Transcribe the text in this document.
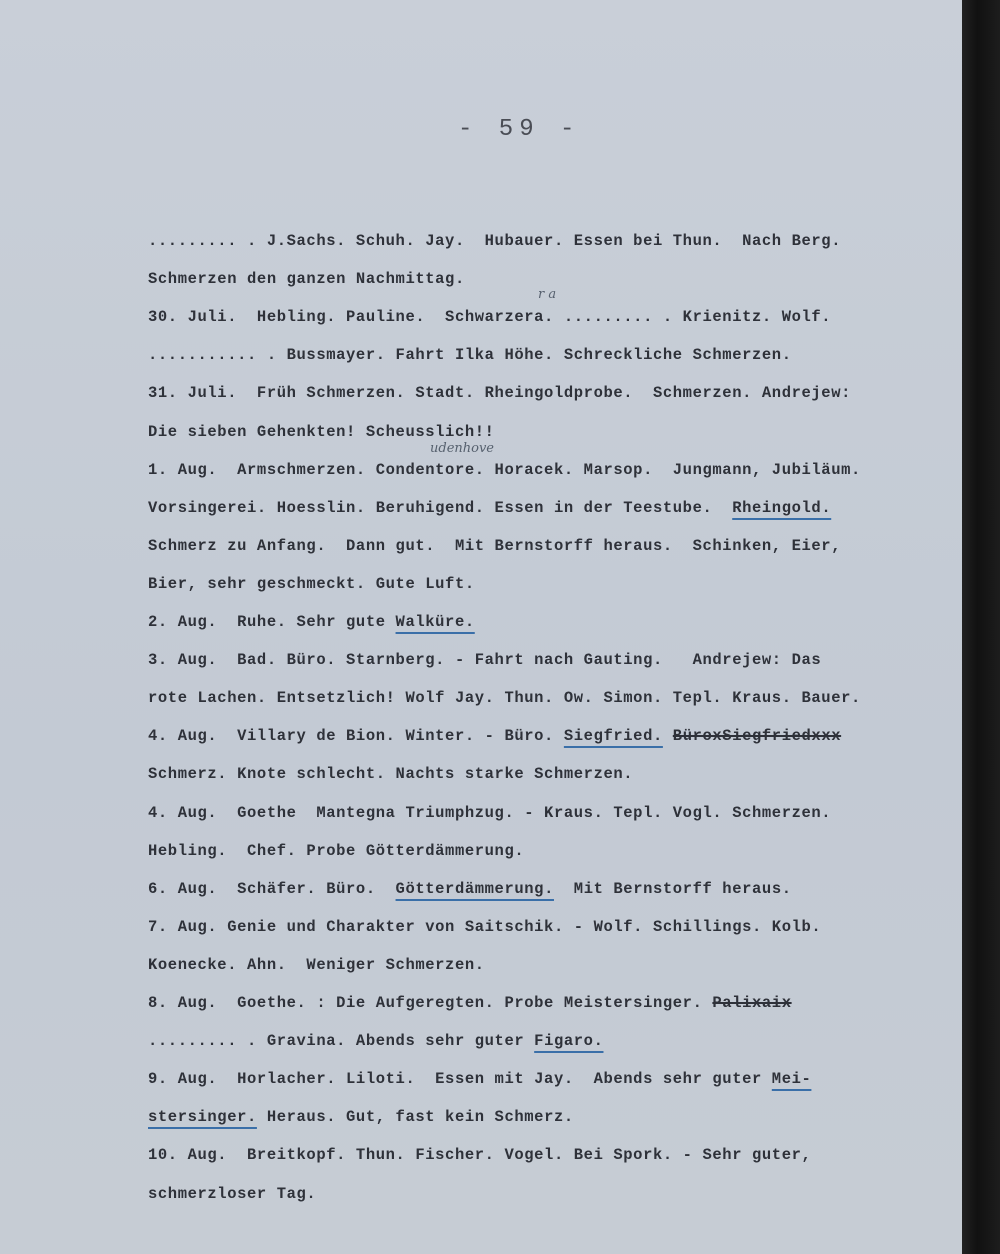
- 59 -
r a
udenhove
......... . J.Sachs. Schuh. Jay.  Hubauer. Essen bei Thun.  Nach Berg.
Schmerzen den ganzen Nachmittag.
30. Juli.  Hebling. Pauline.  Schwarzera. ......... . Krienitz. Wolf.
........... . Bussmayer. Fahrt Ilka Höhe. Schreckliche Schmerzen.
31. Juli.  Früh Schmerzen. Stadt. Rheingoldprobe.  Schmerzen. Andrejew:
Die sieben Gehenkten! Scheusslich!!
1. Aug.  Armschmerzen. Condentore. Horacek. Marsop.  Jungmann, Jubiläum.
Vorsingerei. Hoesslin. Beruhigend. Essen in der Teestube.  Rheingold.
Schmerz zu Anfang.  Dann gut.  Mit Bernstorff heraus.  Schinken, Eier,
Bier, sehr geschmeckt. Gute Luft.
2. Aug.  Ruhe. Sehr gute Walküre.
3. Aug.  Bad. Büro. Starnberg. - Fahrt nach Gauting.   Andrejew: Das
rote Lachen. Entsetzlich! Wolf Jay. Thun. Ow. Simon. Tepl. Kraus. Bauer.
4. Aug.  Villary de Bion. Winter. - Büro. Siegfried. BüroxSiegfriedxxx
Schmerz. Knote schlecht. Nachts starke Schmerzen.
4. Aug.  Goethe  Mantegna Triumphzug. - Kraus. Tepl. Vogl. Schmerzen.
Hebling.  Chef. Probe Götterdämmerung.
6. Aug.  Schäfer. Büro.  Götterdämmerung.  Mit Bernstorff heraus.
7. Aug. Genie und Charakter von Saitschik. - Wolf. Schillings. Kolb.
Koenecke. Ahn.  Weniger Schmerzen.
8. Aug.  Goethe. : Die Aufgeregten. Probe Meistersinger. Palixaix
......... . Gravina. Abends sehr guter Figaro.
9. Aug.  Horlacher. Liloti.  Essen mit Jay.  Abends sehr guter Mei-
stersinger. Heraus. Gut, fast kein Schmerz.
10. Aug.  Breitkopf. Thun. Fischer. Vogel. Bei Spork. - Sehr guter,
schmerzloser Tag.
